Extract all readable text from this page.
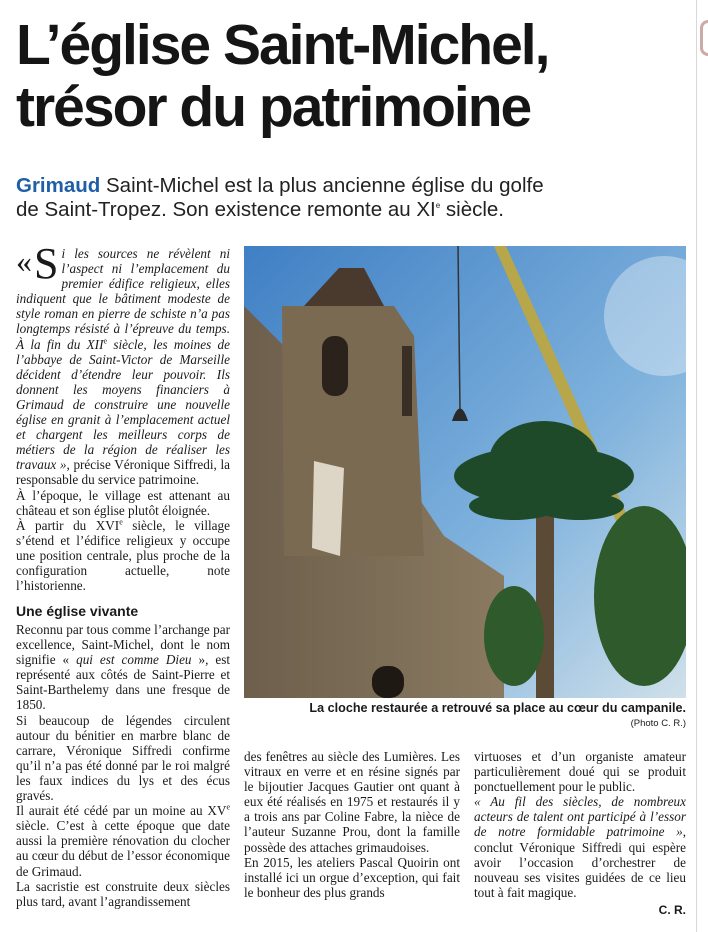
L’église Saint-Michel,
trésor du patrimoine
Grimaud Saint-Michel est la plus ancienne église du golfe
de Saint-Tropez. Son existence remonte au XIe siècle.

« S i les sources ne révèlent ni l’aspect ni l’emplacement du premier édifice religieux, elles indiquent que le bâtiment modeste de style roman en pierre de schiste n’a pas longtemps résisté à l’épreuve du temps. À la fin du XIIe siècle, les moines de l’abbaye de Saint-Victor de Marseille décident d’étendre leur pouvoir. Ils donnent les moyens financiers à Grimaud de construire une nouvelle église en granit à l’emplacement actuel et chargent les meilleurs corps de métiers de la région de réaliser les travaux », précise Véronique Siffredi, la responsable du service patrimoine.

À l’époque, le village est attenant au château et son église plutôt éloignée.

À partir du XVIe siècle, le village s’étend et l’édifice religieux y occupe une position centrale, plus proche de la configuration actuelle, note l’historienne.

Une église vivante

Reconnu par tous comme l’archange par excellence, Saint-Michel, dont le nom signifie « qui est comme Dieu », est représenté aux côtés de Saint-Pierre et Saint-Barthelemy dans une fresque de 1850.

Si beaucoup de légendes circulent autour du bénitier en marbre blanc de carrare, Véronique Siffredi confirme qu’il n’a pas été donné par le roi malgré les faux indices du lys et des écus gravés.

Il aurait été cédé par un moine au XVe siècle. C’est à cette époque que date aussi la première rénovation du clocher au cœur du début de l’essor économique de Grimaud.

La sacristie est construite deux siècles plus tard, avant l’agrandissement

La cloche restaurée a retrouvé sa place au cœur du campanile.
(Photo C. R.)

des fenêtres au siècle des Lumières. Les vitraux en verre et en résine signés par le bijoutier Jacques Gautier ont quant à eux été réalisés en 1975 et restaurés il y a trois ans par Coline Fabre, la nièce de l’auteur Suzanne Prou, dont la famille possède des attaches grimaudoises.

En 2015, les ateliers Pascal Quoirin ont installé ici un orgue d’exception, qui fait le bonheur des plus grands

virtuoses et d’un organiste amateur particulièrement doué qui se produit ponctuellement pour le public.

« Au fil des siècles, de nombreux acteurs de talent ont participé à l’essor de notre formidable patrimoine », conclut Véronique Siffredi qui espère avoir l’occasion d’orchestrer de nouveau ses visites guidées de ce lieu tout à fait magique.

C. R.
